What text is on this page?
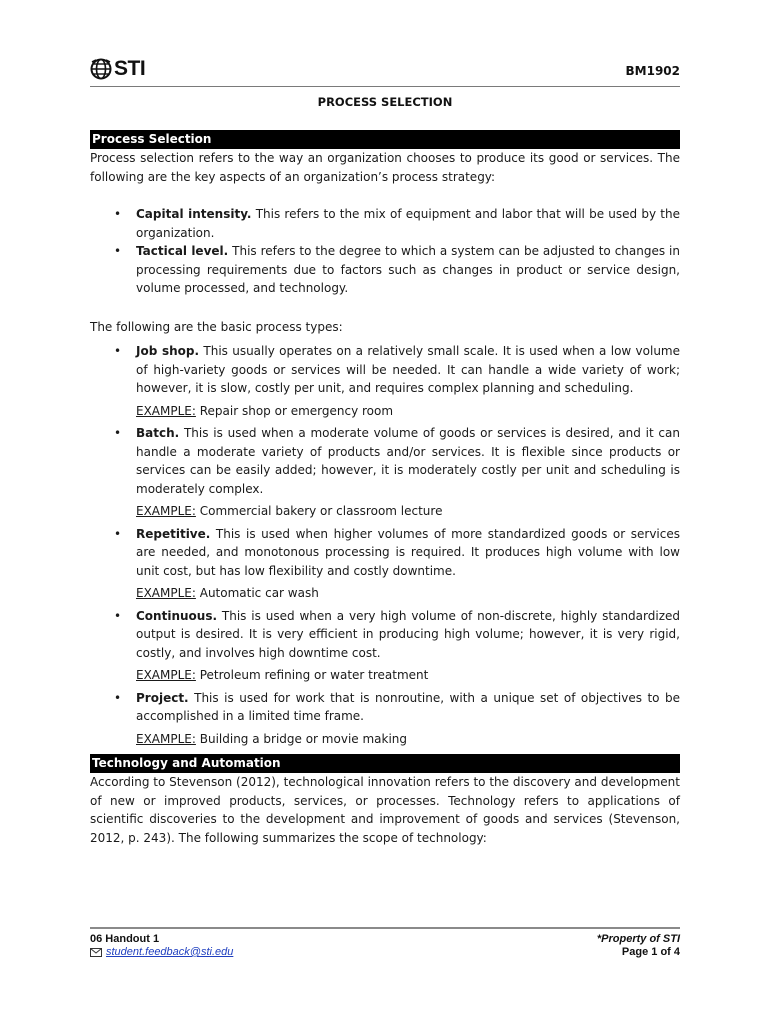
STI	BM1902
PROCESS SELECTION
Process Selection
Process selection refers to the way an organization chooses to produce its good or services. The following are the key aspects of an organization’s process strategy:
• Capital intensity. This refers to the mix of equipment and labor that will be used by the organization.
• Tactical level. This refers to the degree to which a system can be adjusted to changes in processing requirements due to factors such as changes in product or service design, volume processed, and technology.
The following are the basic process types:
• Job shop. This usually operates on a relatively small scale. It is used when a low volume of high-variety goods or services will be needed. It can handle a wide variety of work; however, it is slow, costly per unit, and requires complex planning and scheduling.
EXAMPLE: Repair shop or emergency room
• Batch. This is used when a moderate volume of goods or services is desired, and it can handle a moderate variety of products and/or services. It is flexible since products or services can be easily added; however, it is moderately costly per unit and scheduling is moderately complex.
EXAMPLE: Commercial bakery or classroom lecture
• Repetitive. This is used when higher volumes of more standardized goods or services are needed, and monotonous processing is required. It produces high volume with low unit cost, but has low flexibility and costly downtime.
EXAMPLE: Automatic car wash
• Continuous. This is used when a very high volume of non-discrete, highly standardized output is desired. It is very efficient in producing high volume; however, it is very rigid, costly, and involves high downtime cost.
EXAMPLE: Petroleum refining or water treatment
• Project. This is used for work that is nonroutine, with a unique set of objectives to be accomplished in a limited time frame.
EXAMPLE: Building a bridge or movie making
Technology and Automation
According to Stevenson (2012), technological innovation refers to the discovery and development of new or improved products, services, or processes. Technology refers to applications of scientific discoveries to the development and improvement of goods and services (Stevenson, 2012, p. 243). The following summarizes the scope of technology:
06 Handout 1
student.feedback@sti.edu
*Property of STI
Page 1 of 4
